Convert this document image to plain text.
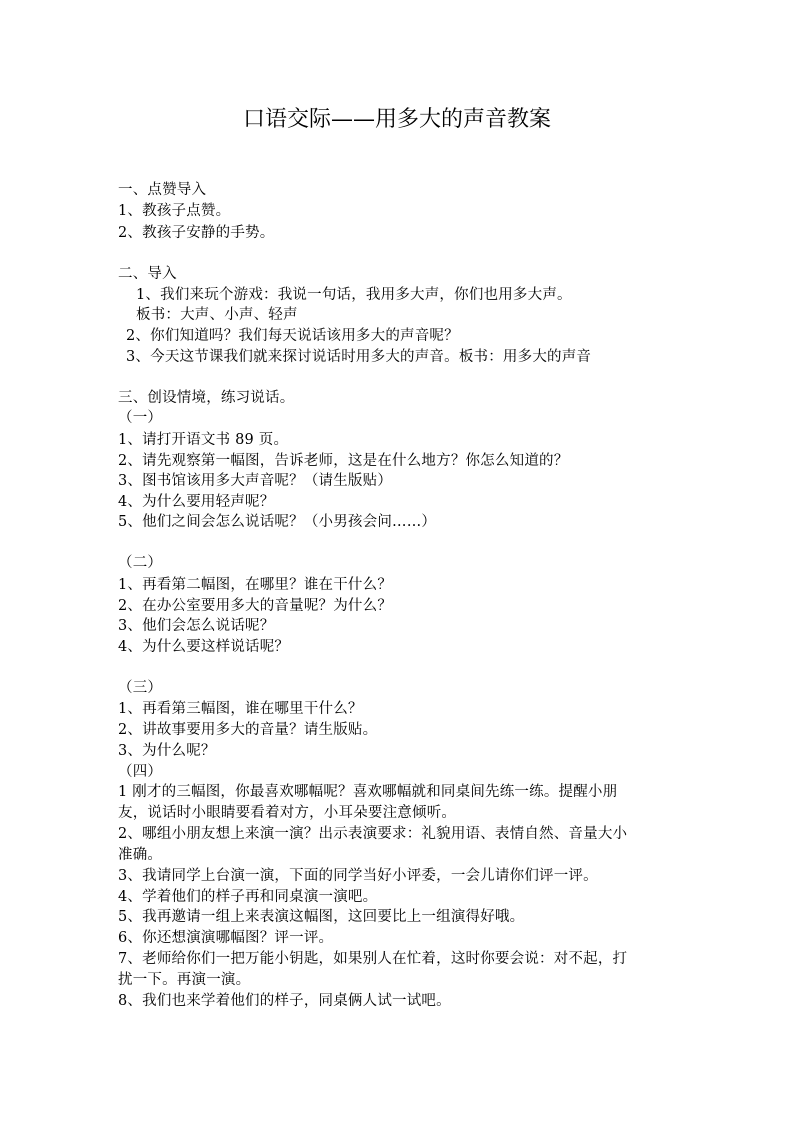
口语交际——用多大的声音教案
一、点赞导入
1、教孩子点赞。
2、教孩子安静的手势。
二、导入
1、我们来玩个游戏：我说一句话，我用多大声，你们也用多大声。
板书：大声、小声、轻声
2、你们知道吗？我们每天说话该用多大的声音呢？
3、今天这节课我们就来探讨说话时用多大的声音。板书：用多大的声音
三、创设情境，练习说话。
（一）
1、请打开语文书 89 页。
2、请先观察第一幅图，告诉老师，这是在什么地方？你怎么知道的？
3、图书馆该用多大声音呢？（请生版贴）
4、为什么要用轻声呢？
5、他们之间会怎么说话呢？（小男孩会问……）
（二）
1、再看第二幅图，在哪里？谁在干什么？
2、在办公室要用多大的音量呢？为什么？
3、他们会怎么说话呢？
4、为什么要这样说话呢？
（三）
1、再看第三幅图，谁在哪里干什么？
2、讲故事要用多大的音量？请生版贴。
3、为什么呢？
（四）
1 刚才的三幅图，你最喜欢哪幅呢？喜欢哪幅就和同桌间先练一练。提醒小朋
友，说话时小眼睛要看着对方，小耳朵要注意倾听。
2、哪组小朋友想上来演一演？出示表演要求：礼貌用语、表情自然、音量大小
准确。
3、我请同学上台演一演，下面的同学当好小评委，一会儿请你们评一评。
4、学着他们的样子再和同桌演一演吧。
5、我再邀请一组上来表演这幅图，这回要比上一组演得好哦。
6、你还想演演哪幅图？评一评。
7、老师给你们一把万能小钥匙，如果别人在忙着，这时你要会说：对不起，打
扰一下。再演一演。
8、我们也来学着他们的样子，同桌俩人试一试吧。
